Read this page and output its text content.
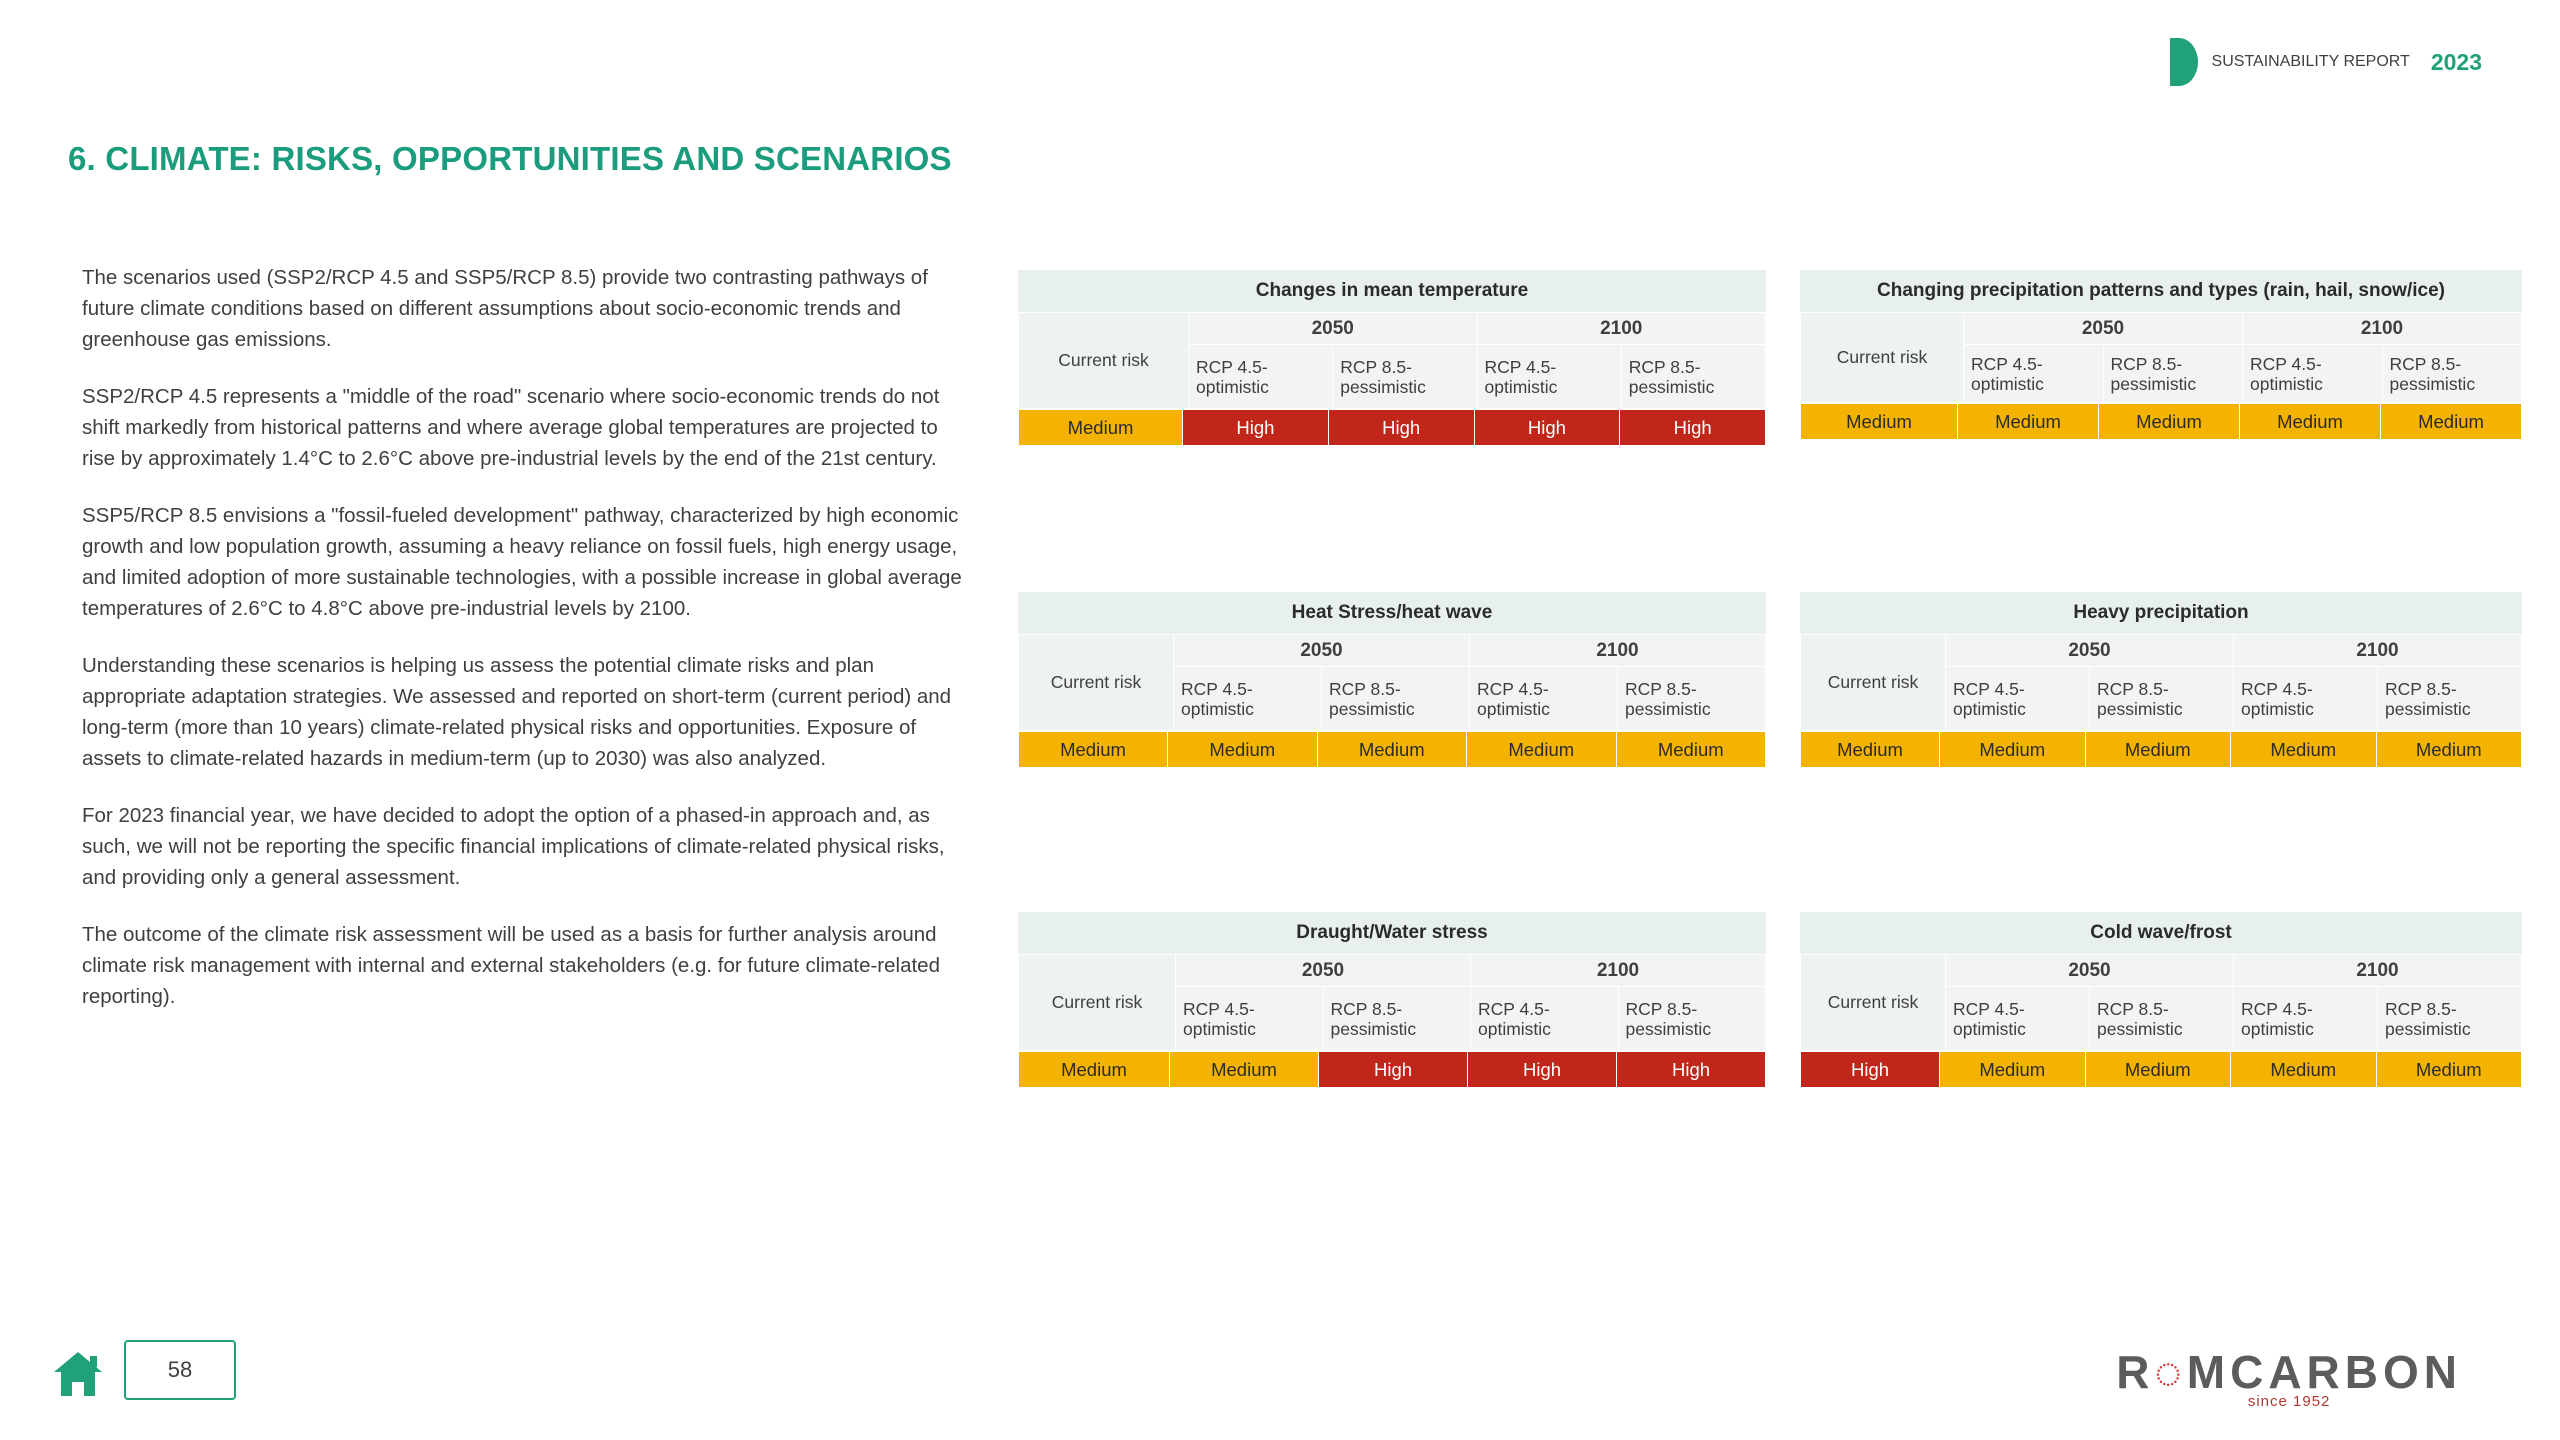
SUSTAINABILITY REPORT 2023
6. CLIMATE: RISKS, OPPORTUNITIES AND SCENARIOS

The scenarios used (SSP2/RCP 4.5 and SSP5/RCP 8.5) provide two contrasting pathways of future climate conditions based on different assumptions about socio-economic trends and greenhouse gas emissions.

SSP2/RCP 4.5 represents a "middle of the road" scenario where socio-economic trends do not shift markedly from historical patterns and where average global temperatures are projected to rise by approximately 1.4°C to 2.6°C above pre-industrial levels by the end of the 21st century.

SSP5/RCP 8.5 envisions a "fossil-fueled development" pathway, characterized by high economic growth and low population growth, assuming a heavy reliance on fossil fuels, high energy usage, and limited adoption of more sustainable technologies, with a possible increase in global average temperatures of 2.6°C to 4.8°C above pre-industrial levels by 2100.

Understanding these scenarios is helping us assess the potential climate risks and plan appropriate adaptation strategies. We assessed and reported on short-term (current period) and long-term (more than 10 years) climate-related physical risks and opportunities. Exposure of assets to climate-related hazards in medium-term (up to 2030) was also analyzed.

For 2023 financial year, we have decided to adopt the option of a phased-in approach and, as such, we will not be reporting the specific financial implications of climate-related physical risks, and providing only a general assessment.

The outcome of the climate risk assessment will be used as a basis for further analysis around climate risk management with internal and external stakeholders (e.g. for future climate-related reporting).

Changes in mean temperature
Current risk	2050		2100	
	RCP 4.5-optimistic	RCP 8.5-pessimistic	RCP 4.5-optimistic	RCP 8.5-pessimistic
Medium	High	High	High	High
Changing precipitation patterns and types (rain, hail, snow/ice)
Current risk	2050		2100	
	RCP 4.5-optimistic	RCP 8.5-pessimistic	RCP 4.5-optimistic	RCP 8.5-pessimistic
Medium	Medium	Medium	Medium	Medium
Heat Stress/heat wave
Current risk	2050		2100	
	RCP 4.5-optimistic	RCP 8.5-pessimistic	RCP 4.5-optimistic	RCP 8.5-pessimistic
Medium	Medium	Medium	Medium	Medium
Heavy precipitation
Current risk	2050		2100	
	RCP 4.5-optimistic	RCP 8.5-pessimistic	RCP 4.5-optimistic	RCP 8.5-pessimistic
Medium	Medium	Medium	Medium	Medium
Draught/Water stress
Current risk	2050		2100	
	RCP 4.5-optimistic	RCP 8.5-pessimistic	RCP 4.5-optimistic	RCP 8.5-pessimistic
Medium	Medium	High	High	High
Cold wave/frost
Current risk	2050		2100	
	RCP 4.5-optimistic	RCP 8.5-pessimistic	RCP 4.5-optimistic	RCP 8.5-pessimistic
High	Medium	Medium	Medium	Medium
58	R◌MCARBON
since 1952
